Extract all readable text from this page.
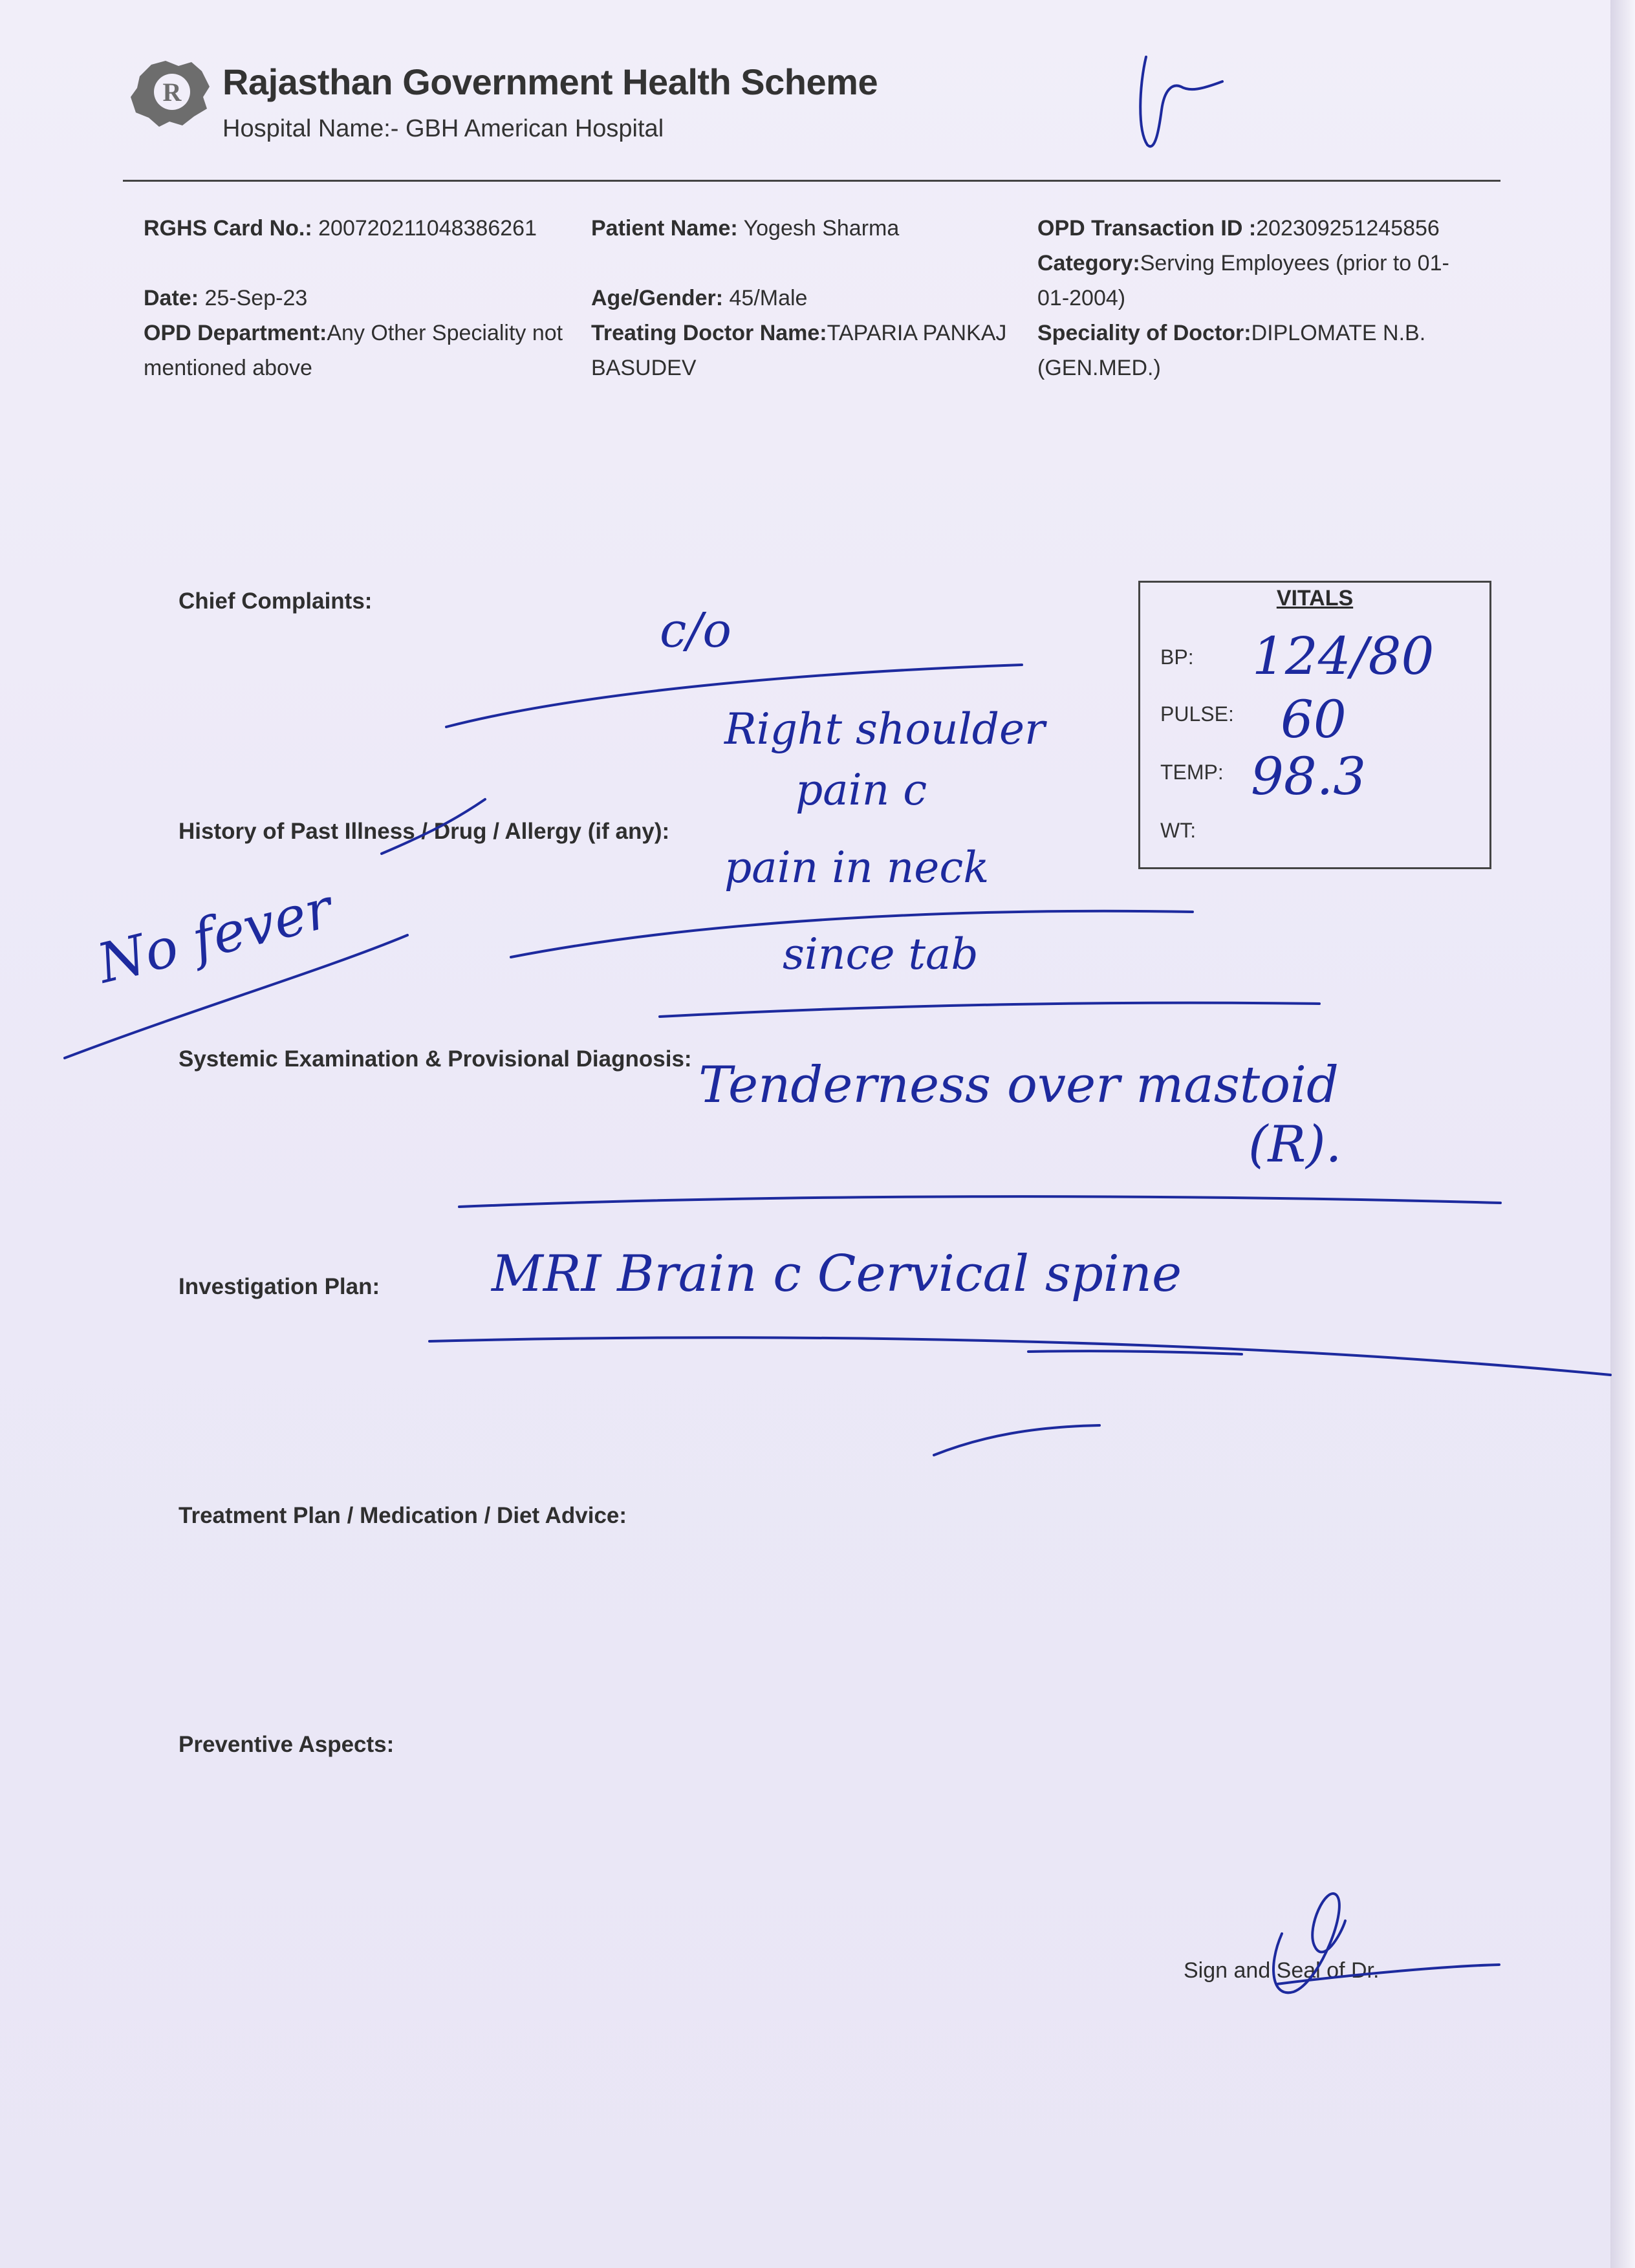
R Rajasthan Government Health Scheme
Hospital Name:- GBH American Hospital
RGHS Card No.: 2007202110483862​61
Date: 25-Sep-23
OPD Department:Any Other Speciality not mentioned above
Patient Name: Yogesh Sharma
Age/Gender: 45/Male
Treating Doctor Name:TAPARIA PANKAJ BASUDEV
OPD Transaction ID :202309251245856
Category:Serving Employees (prior to 01-01-2004)
Speciality of Doctor:DIPLOMATE N.B. (GEN.MED.)
Chief Complaints:
History of Past Illness / Drug / Allergy (if any):
Systemic Examination & Provisional Diagnosis:
Investigation Plan:
Treatment Plan / Medication / Diet Advice:
Preventive Aspects:
VITALS
BP:
PULSE:
TEMP:
WT:
Sign and Seal of Dr.
c/o
Right shoulder
pain c
pain in neck
since tab
No fever
Tenderness over mastoid
(R).
MRI Brain c Cervical spine
124/80
60
98.3
